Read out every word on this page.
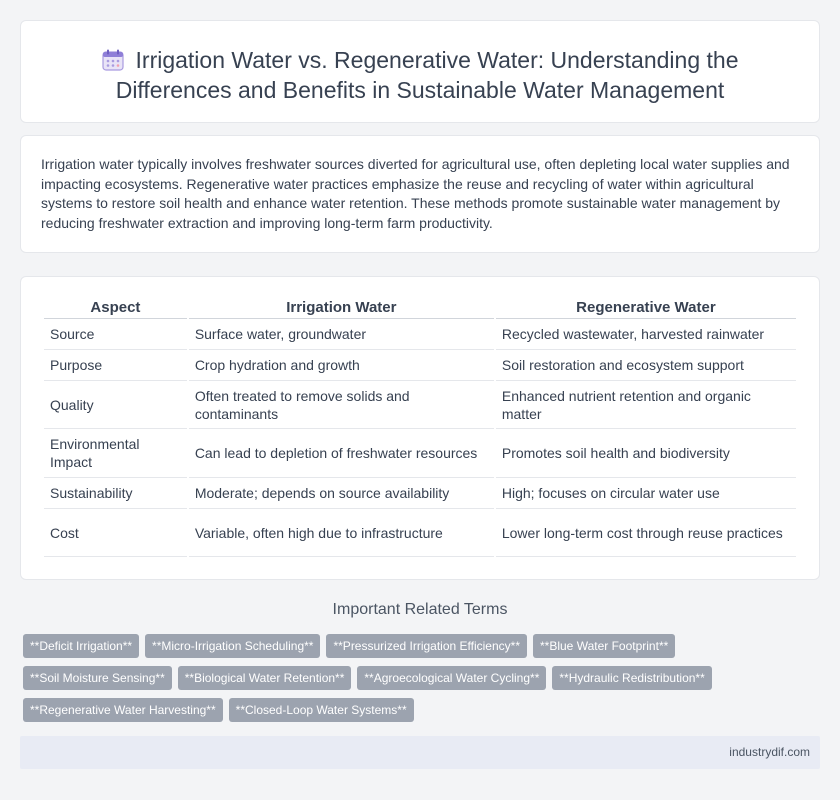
Irrigation Water vs. Regenerative Water: Understanding the Differences and Benefits in Sustainable Water Management

Irrigation water typically involves freshwater sources diverted for agricultural use, often depleting local water supplies and impacting ecosystems. Regenerative water practices emphasize the reuse and recycling of water within agricultural systems to restore soil health and enhance water retention. These methods promote sustainable water management by reducing freshwater extraction and improving long-term farm productivity.

Aspect	Irrigation Water	Regenerative Water
Source	Surface water, groundwater	Recycled wastewater, harvested rainwater
Purpose	Crop hydration and growth	Soil restoration and ecosystem support
Quality	Often treated to remove solids and contaminants	Enhanced nutrient retention and organic matter
Environmental Impact	Can lead to depletion of freshwater resources	Promotes soil health and biodiversity
Sustainability	Moderate; depends on source availability	High; focuses on circular water use
Cost	Variable, often high due to infrastructure	Lower long-term cost through reuse practices
Important Related Terms
**Deficit Irrigation** **Micro-Irrigation Scheduling** **Pressurized Irrigation Efficiency** **Blue Water Footprint**
**Soil Moisture Sensing** **Biological Water Retention** **Agroecological Water Cycling** **Hydraulic Redistribution**
**Regenerative Water Harvesting** **Closed-Loop Water Systems**
industrydif.com
